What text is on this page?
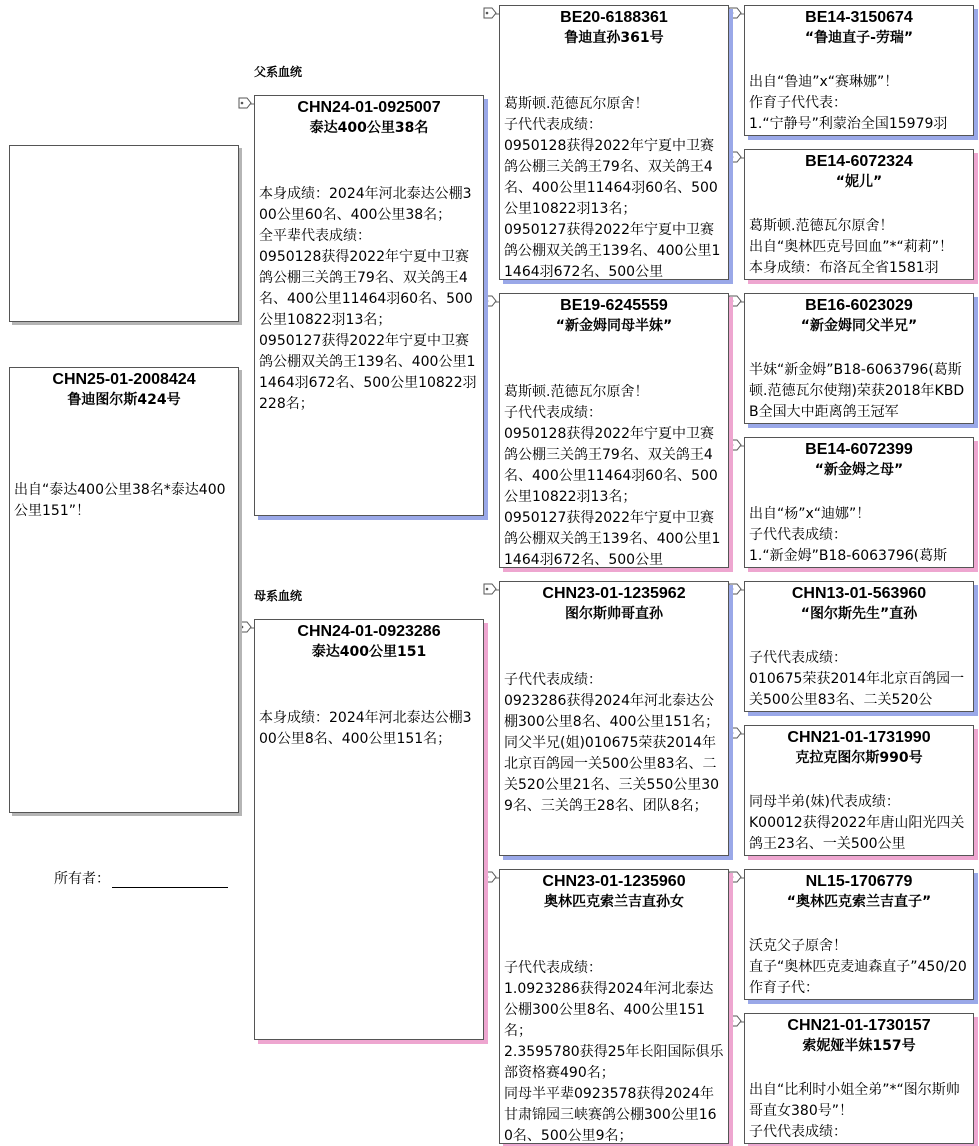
CHN25-01-2008424
鲁迪图尔斯424号
出自“泰达400公里38名*泰达400公里151”！
所有者：
父系血统
母系血统
CHN24-01-0925007
泰达400公里38名
本身成绩：2024年河北泰达公棚300公里60名、400公里38名；
全平辈代表成绩：
0950128获得2022年宁夏中卫赛鸽公棚三关鸽王79名、双关鸽王4名、400公里11464羽60名、500公里10822羽13名；
0950127获得2022年宁夏中卫赛鸽公棚双关鸽王139名、400公里11464羽672名、500公里10822羽228名；
CHN24-01-0923286
泰达400公里151
本身成绩：2024年河北泰达公棚300公里8名、400公里151名；
BE20-6188361
鲁迪直孙361号
葛斯顿.范德瓦尔原舍！
子代代表成绩：
0950128获得2022年宁夏中卫赛鸽公棚三关鸽王79名、双关鸽王4名、400公里11464羽60名、500公里10822羽13名；
0950127获得2022年宁夏中卫赛鸽公棚双关鸽王139名、400公里11464羽672名、500公里
BE19-6245559
“新金姆同母半妹”
葛斯顿.范德瓦尔原舍！
子代代表成绩：
0950128获得2022年宁夏中卫赛鸽公棚三关鸽王79名、双关鸽王4名、400公里11464羽60名、500公里10822羽13名；
0950127获得2022年宁夏中卫赛鸽公棚双关鸽王139名、400公里11464羽672名、500公里
CHN23-01-1235962
图尔斯帅哥直孙
子代代表成绩：
0923286获得2024年河北泰达公棚300公里8名、400公里151名；
同父半兄(姐)010675荣获2014年北京百鸽园一关500公里83名、二关520公里21名、三关550公里309名、三关鸽王28名、团队8名；
CHN23-01-1235960
奥林匹克索兰吉直孙女
子代代表成绩：
1.0923286获得2024年河北泰达公棚300公里8名、400公里151名；
2.3595780获得25年长阳国际俱乐部资格赛490名；
同母半平辈0923578获得2024年甘肃锦园三峡赛鸽公棚300公里160名、500公里9名；
BE14-3150674
“鲁迪直子-劳瑞”
出自“鲁迪”x“赛琳娜”！
作育子代代表：
1.“宁静号”利蒙治全国15979羽
BE14-6072324
“妮儿”
葛斯顿.范德瓦尔原舍！
出自“奥林匹克号回血”*“莉莉”！
本身成绩：布洛瓦全省1581羽
BE16-6023029
“新金姆同父半兄”
半妹“新金姆”B18-6063796(葛斯顿.范德瓦尔使翔)荣获2018年KBDB全国大中距离鸽王冠军
BE14-6072399
“新金姆之母”
出自“杨”x“迪娜”！
子代代表成绩：
1.“新金姆”B18-6063796(葛斯
CHN13-01-563960
“图尔斯先生”直孙
子代代表成绩：
010675荣获2014年北京百鸽园一关500公里83名、二关520公
CHN21-01-1731990
克拉克图尔斯990号
同母半弟(妹)代表成绩：
K00012获得2022年唐山阳光四关鸽王23名、一关500公里
NL15-1706779
“奥林匹克索兰吉直子”
沃克父子原舍！
直子“奥林匹克麦迪森直子”450/20作育子代：
CHN21-01-1730157
索妮娅半妹157号
出自“比利时小姐全弟”*“图尔斯帅哥直女380号”！
子代代表成绩：
